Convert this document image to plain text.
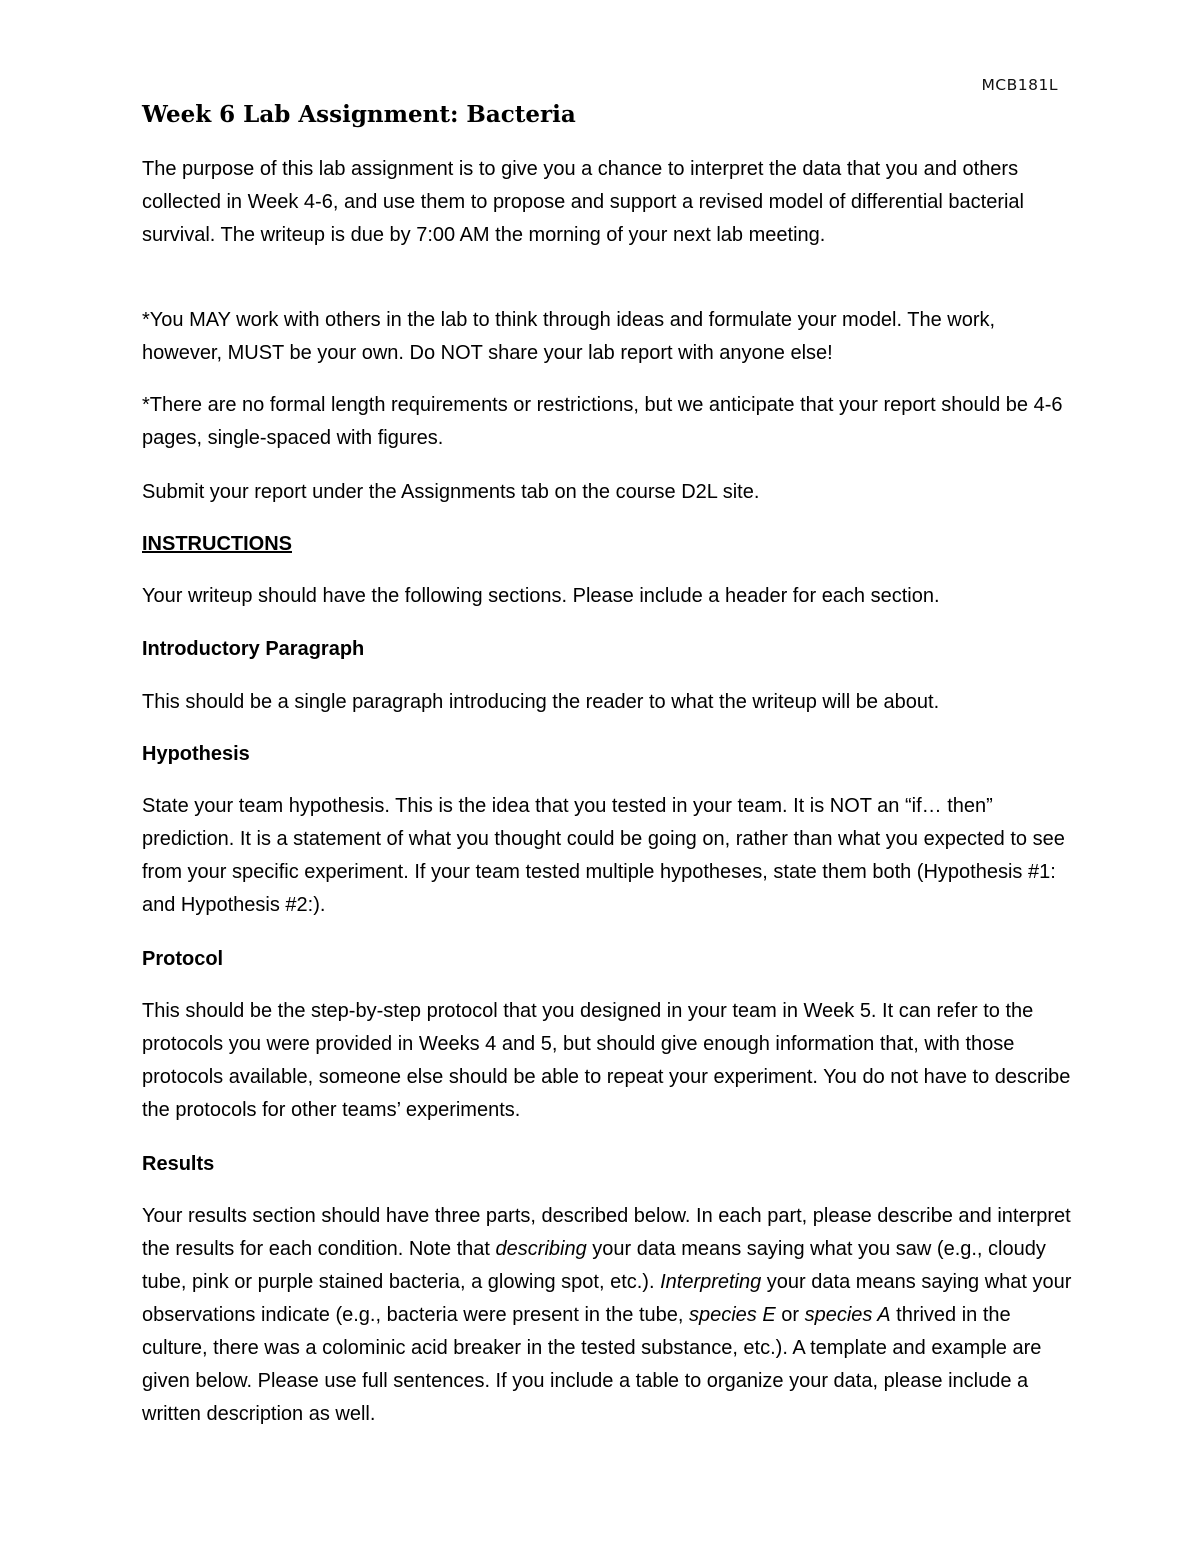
MCB181L
Week 6 Lab Assignment: Bacteria

The purpose of this lab assignment is to give you a chance to interpret the data that you and others collected in Week 4-6, and use them to propose and support a revised model of differential bacterial survival. The writeup is due by 7:00 AM the morning of your next lab meeting.

*You MAY work with others in the lab to think through ideas and formulate your model. The work, however, MUST be your own. Do NOT share your lab report with anyone else!

*There are no formal length requirements or restrictions, but we anticipate that your report should be 4-6 pages, single-spaced with figures.

Submit your report under the Assignments tab on the course D2L site.

INSTRUCTIONS

Your writeup should have the following sections. Please include a header for each section.

Introductory Paragraph

This should be a single paragraph introducing the reader to what the writeup will be about.

Hypothesis

State your team hypothesis. This is the idea that you tested in your team. It is NOT an “if… then” prediction. It is a statement of what you thought could be going on, rather than what you expected to see from your specific experiment. If your team tested multiple hypotheses, state them both (Hypothesis #1: and Hypothesis #2:).

Protocol

This should be the step-by-step protocol that you designed in your team in Week 5. It can refer to the protocols you were provided in Weeks 4 and 5, but should give enough information that, with those protocols available, someone else should be able to repeat your experiment. You do not have to describe the protocols for other teams’ experiments.

Results

Your results section should have three parts, described below. In each part, please describe and interpret the results for each condition. Note that describing your data means saying what you saw (e.g., cloudy tube, pink or purple stained bacteria, a glowing spot, etc.). Interpreting your data means saying what your observations indicate (e.g., bacteria were present in the tube, species E or species A thrived in the culture, there was a colominic acid breaker in the tested substance, etc.). A template and example are given below. Please use full sentences. If you include a table to organize your data, please include a written description as well.
